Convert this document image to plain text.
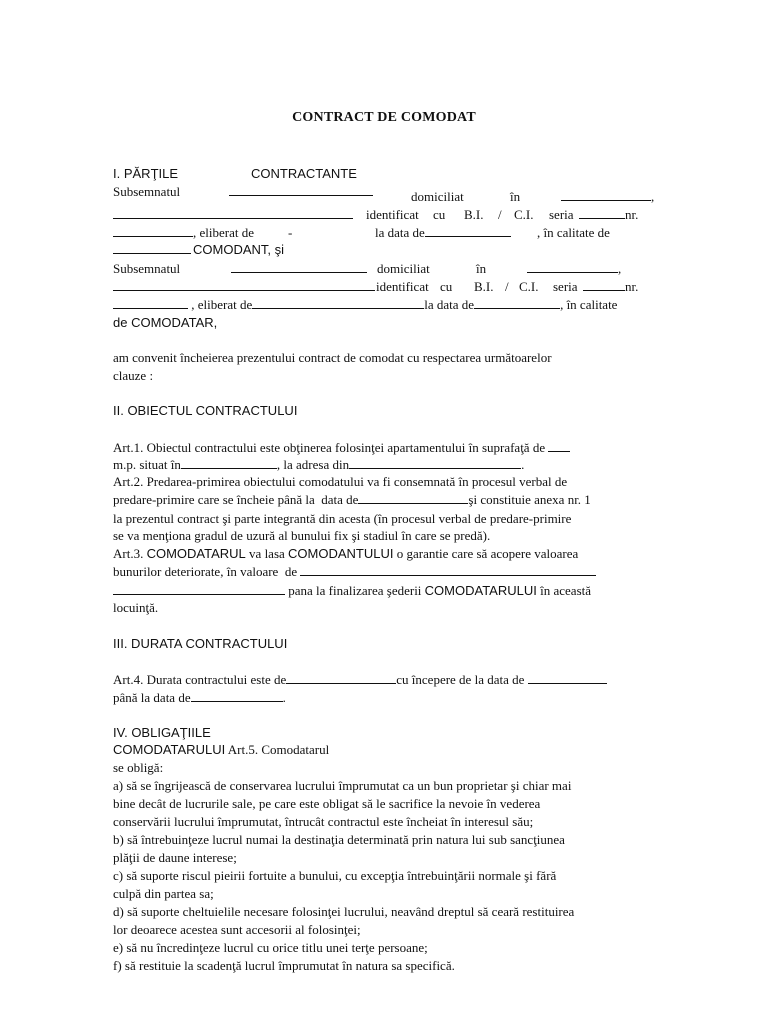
CONTRACT DE COMODAT
I. PĂRŢILE	CONTRACTANTE
Subsemnatul	domiciliat	în	,
identificat cu B.I. / C.I. seria	nr.
, eliberat de	-	la data de	, în calitate de
COMODANT, şi
Subsemnatul	domiciliat	în	,
identificat cu B.I. / C.I. seria	nr.
, eliberat de	la data de	, în calitate
de COMODATAR,
am convenit încheierea prezentului contract de comodat cu respectarea următoarelor
clauze :
II. OBIECTUL CONTRACTULUI
Art.1. Obiectul contractului este obţinerea folosinţei apartamentului în suprafaţă de
m.p. situat în	, la adresa din	.
Art.2. Predarea-primirea obiectului comodatului va fi consemnată în procesul verbal de
predare-primire care se încheie până la  data de	şi constituie anexa nr. 1
la prezentul contract şi parte integrantă din acesta (în procesul verbal de predare-primire
se va menţiona gradul de uzură al bunului fix şi stadiul în care se predă).
Art.3. COMODATARUL va lasa COMODANTULUI o garantie care să acopere valoarea
bunurilor deteriorate, în valoare  de
pana la finalizarea şederii COMODATARULUI în această
locuinţă.
III. DURATA CONTRACTULUI
Art.4. Durata contractului este de	cu începere de la data de
până la data de	.
IV. OBLIGAŢIILE
COMODATARULUI Art.5. Comodatarul
se obligă:
a) să se îngrijească de conservarea lucrului împrumutat ca un bun proprietar şi chiar mai
bine decât de lucrurile sale, pe care este obligat să le sacrifice la nevoie în vederea
conservării lucrului împrumutat, întrucât contractul este încheiat în interesul său;
b) să întrebuinţeze lucrul numai la destinaţia determinată prin natura lui sub sancţiunea
plăţii de daune interese;
c) să suporte riscul pieirii fortuite a bunului, cu excepţia întrebuinţării normale şi fără
culpă din partea sa;
d) să suporte cheltuielile necesare folosinţei lucrului, neavând dreptul să ceară restituirea
lor deoarece acestea sunt accesorii al folosinţei;
e) să nu încredinţeze lucrul cu orice titlu unei terţe persoane;
f) să restituie la scadenţă lucrul împrumutat în natura sa specifică.
